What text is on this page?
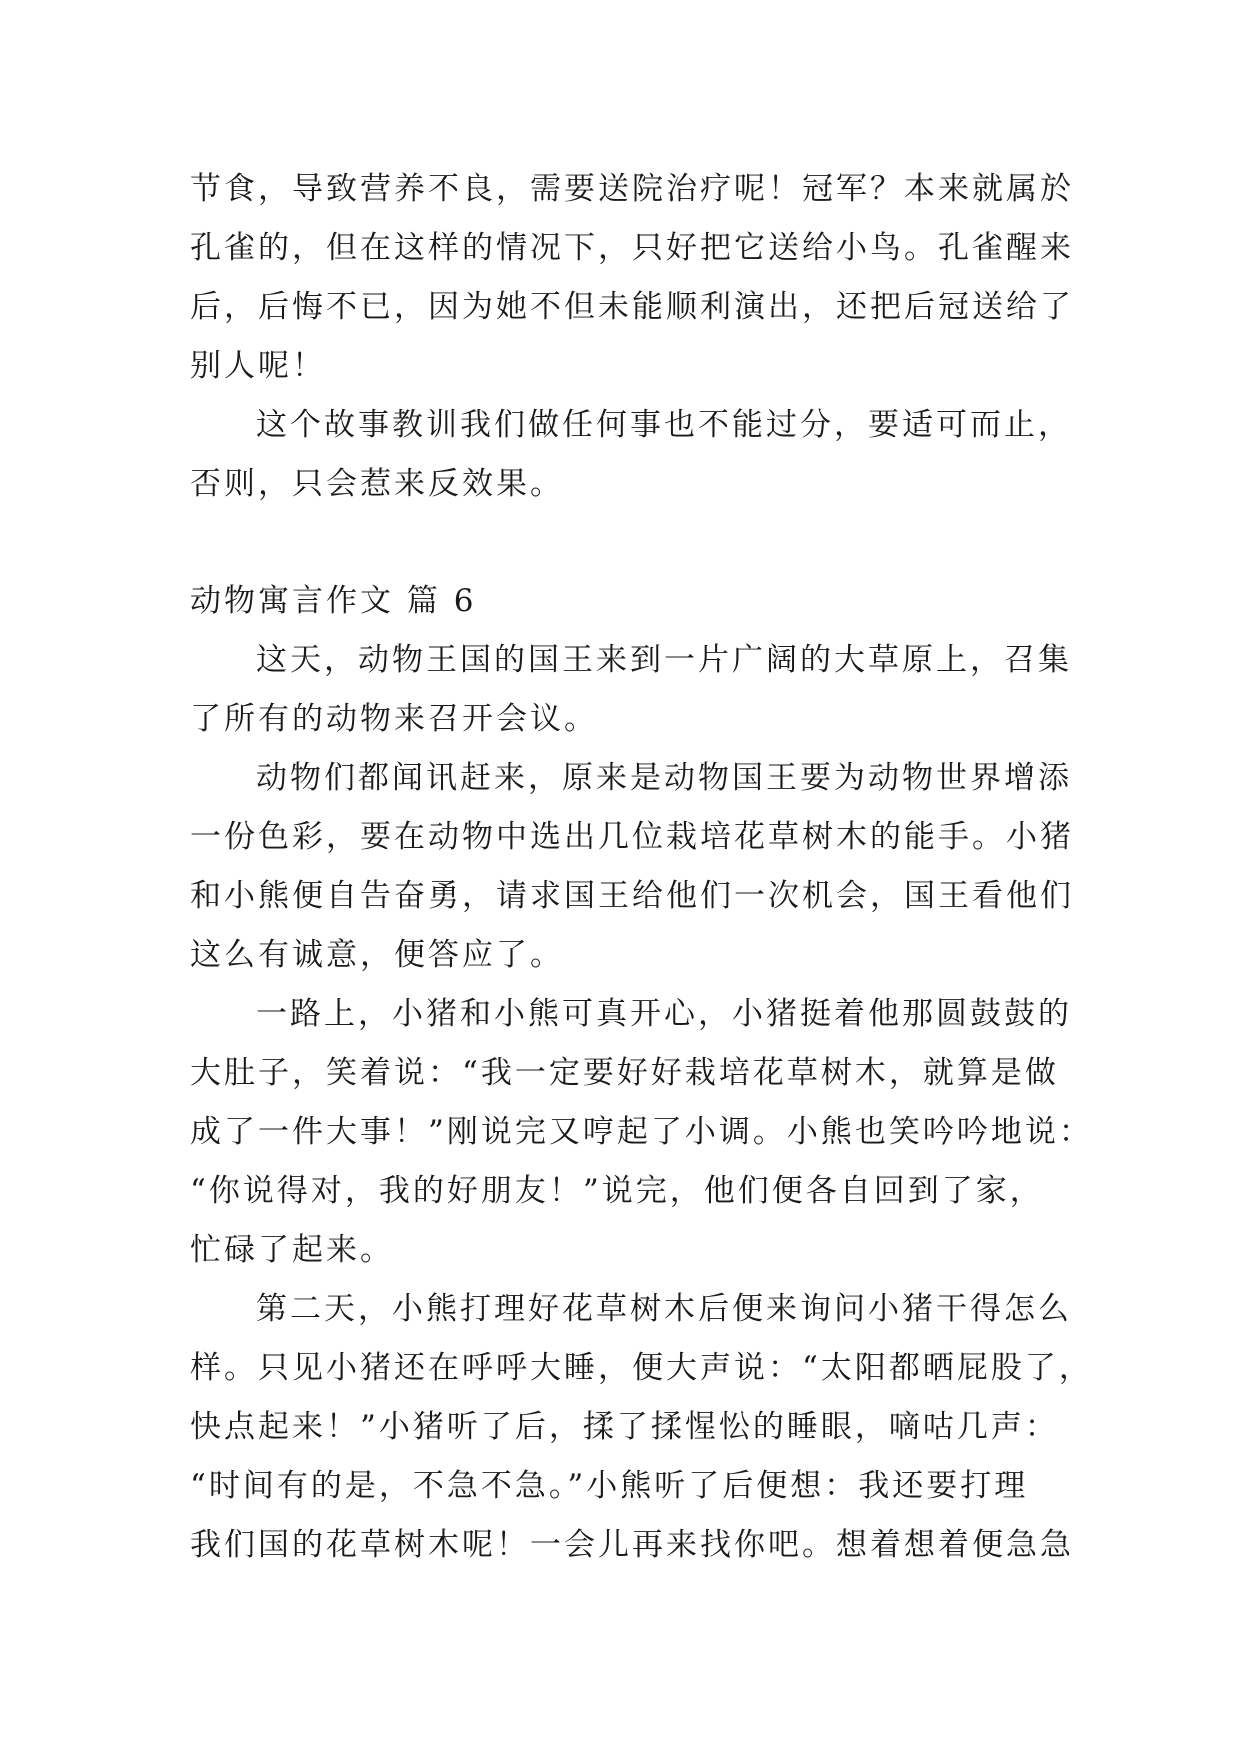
节食，导致营养不良，需要送院治疗呢！冠军？本来就属於
孔雀的，但在这样的情况下，只好把它送给小鸟。孔雀醒来
后，后悔不已，因为她不但未能顺利演出，还把后冠送给了
别人呢！
这个故事教训我们做任何事也不能过分，要适可而止，
否则，只会惹来反效果。
动物寓言作文 篇 6
这天，动物王国的国王来到一片广阔的大草原上，召集
了所有的动物来召开会议。
动物们都闻讯赶来，原来是动物国王要为动物世界增添
一份色彩，要在动物中选出几位栽培花草树木的能手。小猪
和小熊便自告奋勇，请求国王给他们一次机会，国王看他们
这么有诚意，便答应了。
一路上，小猪和小熊可真开心，小猪挺着他那圆鼓鼓的
大肚子，笑着说：“我一定要好好栽培花草树木，就算是做
成了一件大事！”刚说完又哼起了小调。小熊也笑吟吟地说：
“你说得对，我的好朋友！”说完，他们便各自回到了家，
忙碌了起来。
第二天，小熊打理好花草树木后便来询问小猪干得怎么
样。只见小猪还在呼呼大睡，便大声说：“太阳都晒屁股了，
快点起来！”小猪听了后，揉了揉惺忪的睡眼，嘀咕几声：
“时间有的是，不急不急。”小熊听了后便想：我还要打理
我们国的花草树木呢！一会儿再来找你吧。想着想着便急急
